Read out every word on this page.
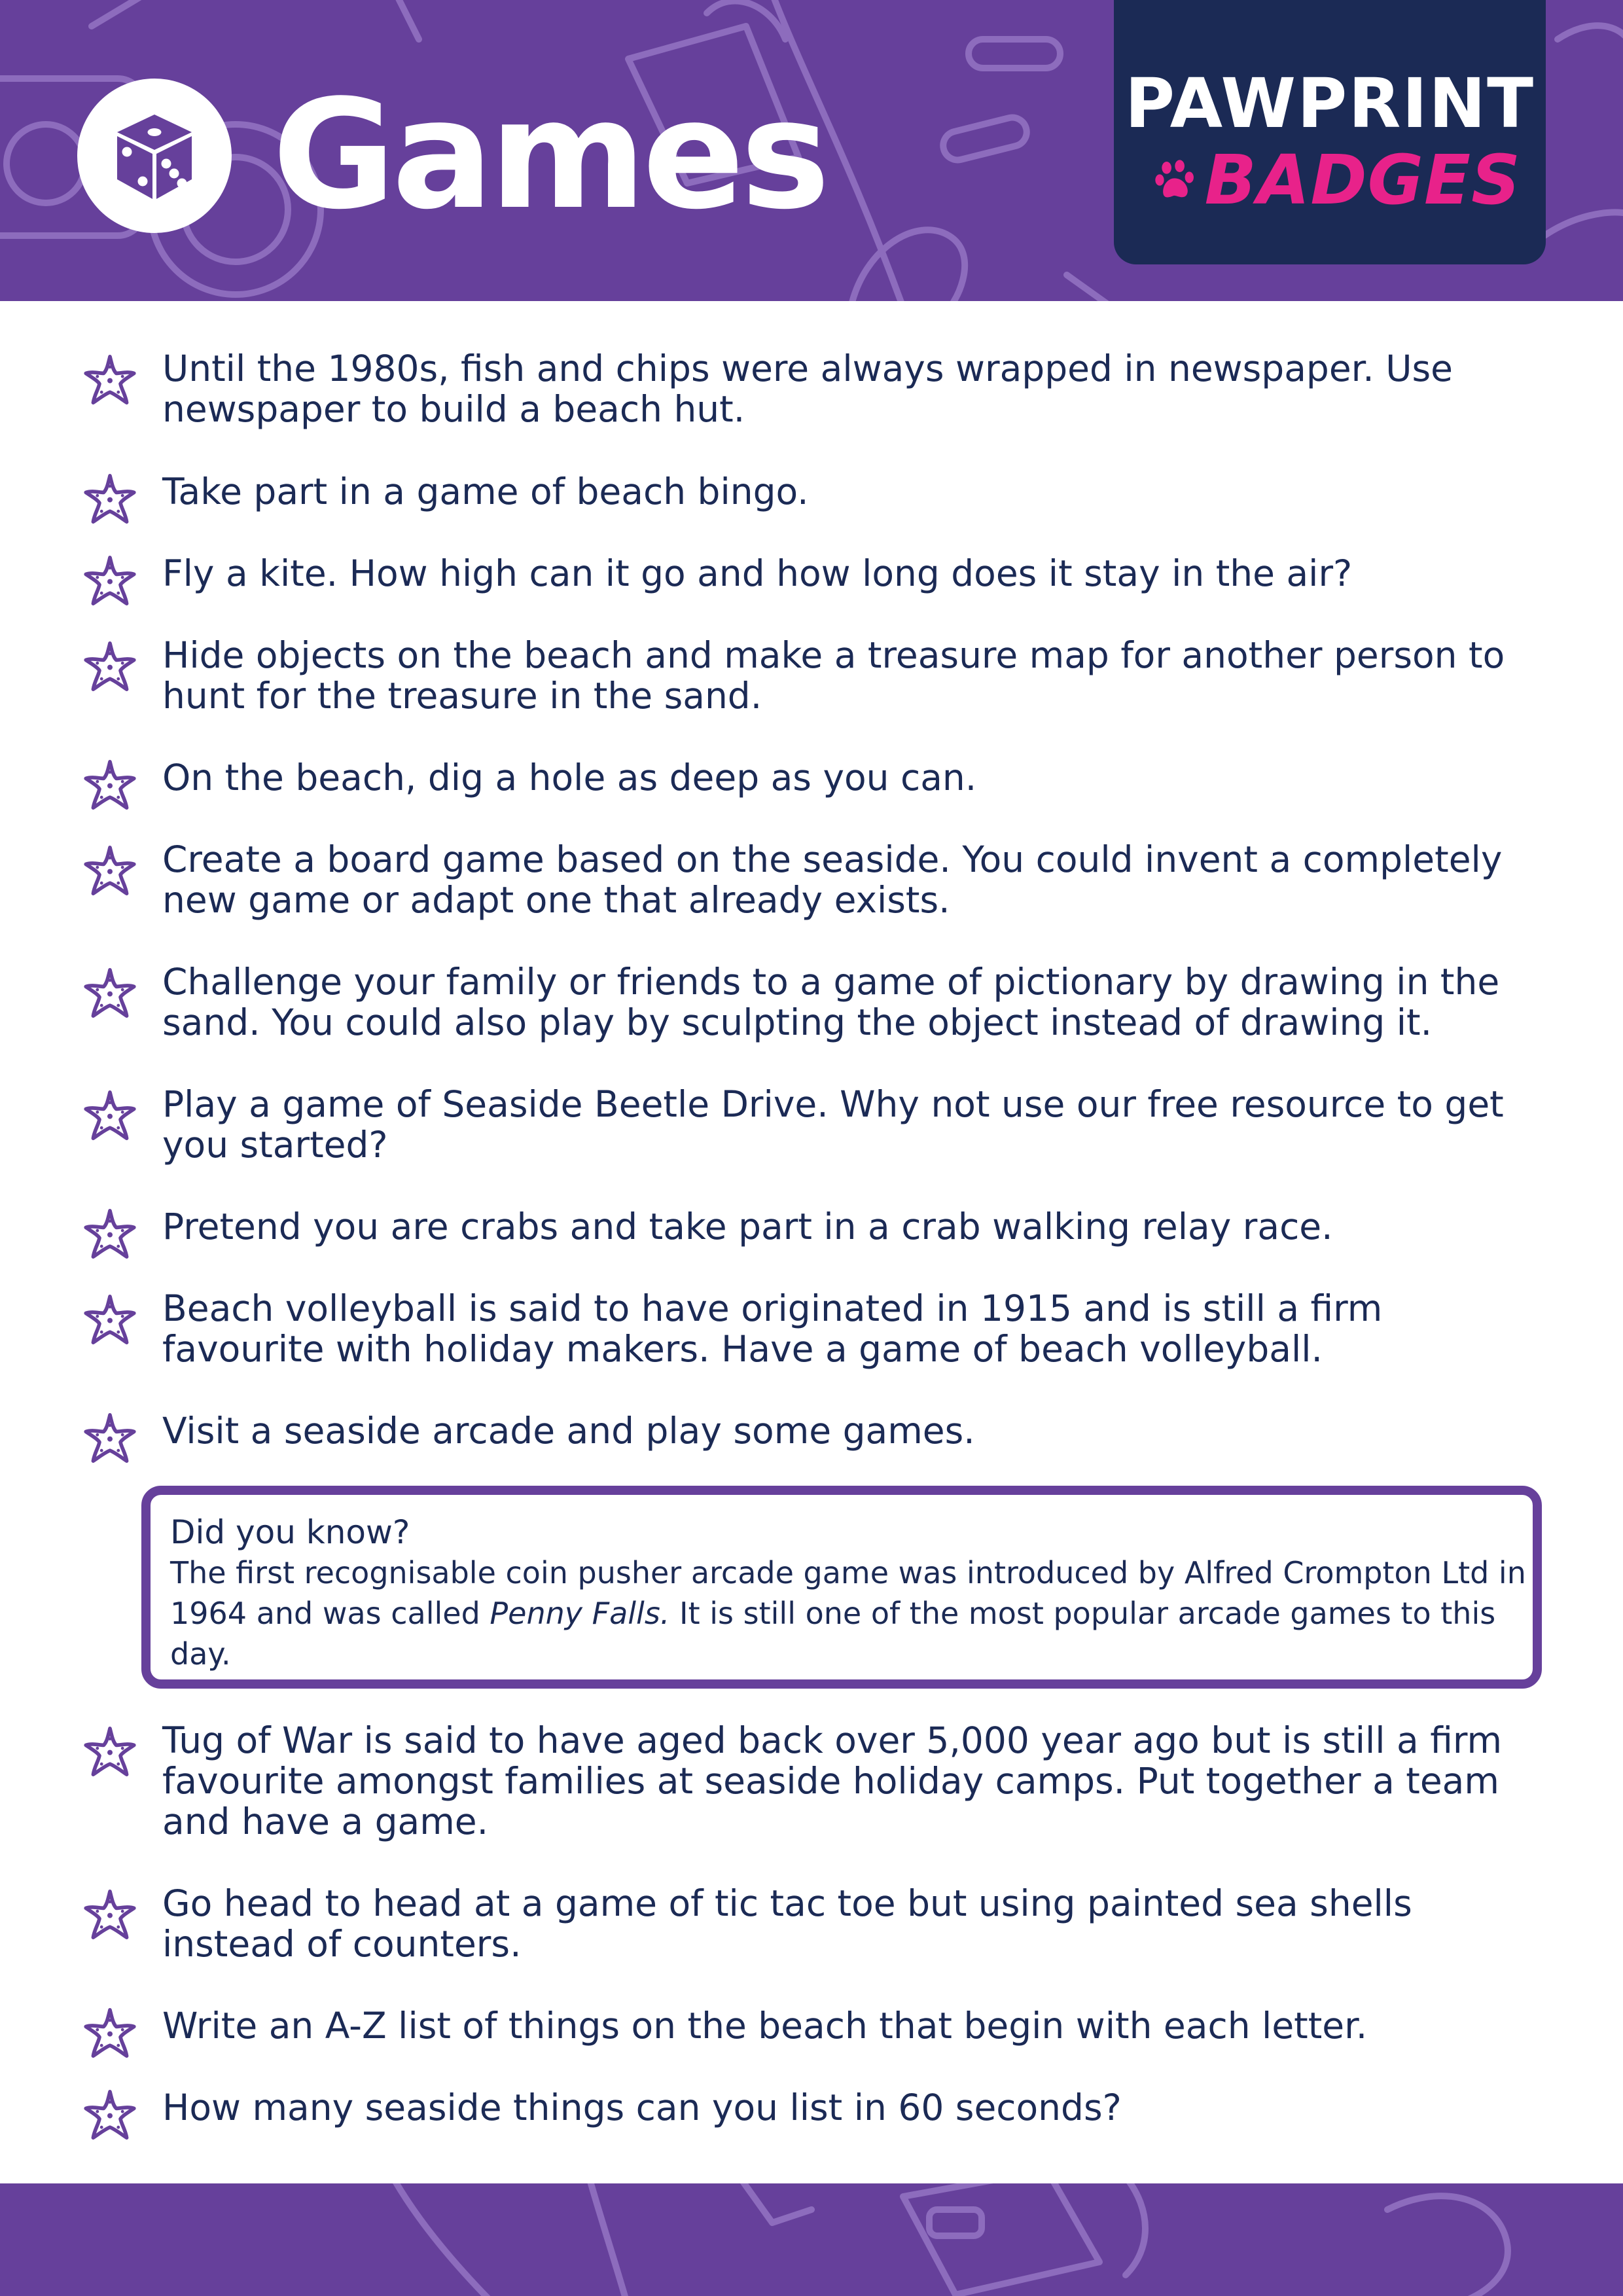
Games	PAWPRINT
BADGES
Until the 1980s, fish and chips were always wrapped in newspaper. Use newspaper to build a beach hut.
Take part in a game of beach bingo.
Fly a kite. How high can it go and how long does it stay in the air?
Hide objects on the beach and make a treasure map for another person to hunt for the treasure in the sand.
On the beach, dig a hole as deep as you can.
Create a board game based on the seaside. You could invent a completely new game or adapt one that already exists.
Challenge your family or friends to a game of pictionary by drawing in the sand. You could also play by sculpting the object instead of drawing it.
Play a game of Seaside Beetle Drive. Why not use our free resource to get you started?
Pretend you are crabs and take part in a crab walking relay race.
Beach volleyball is said to have originated in 1915 and is still a firm favourite with holiday makers. Have a game of beach volleyball.
Visit a seaside arcade and play some games.
Did you know?
The first recognisable coin pusher arcade game was introduced by Alfred Crompton Ltd in 1964 and was called Penny Falls. It is still one of the most popular arcade games to this day.
Tug of War is said to have aged back over 5,000 year ago but is still a firm favourite amongst families at seaside holiday camps. Put together a team and have a game.
Go head to head at a game of tic tac toe but using painted sea shells instead of counters.
Write an A-Z list of things on the beach that begin with each letter.
How many seaside things can you list in 60 seconds?
